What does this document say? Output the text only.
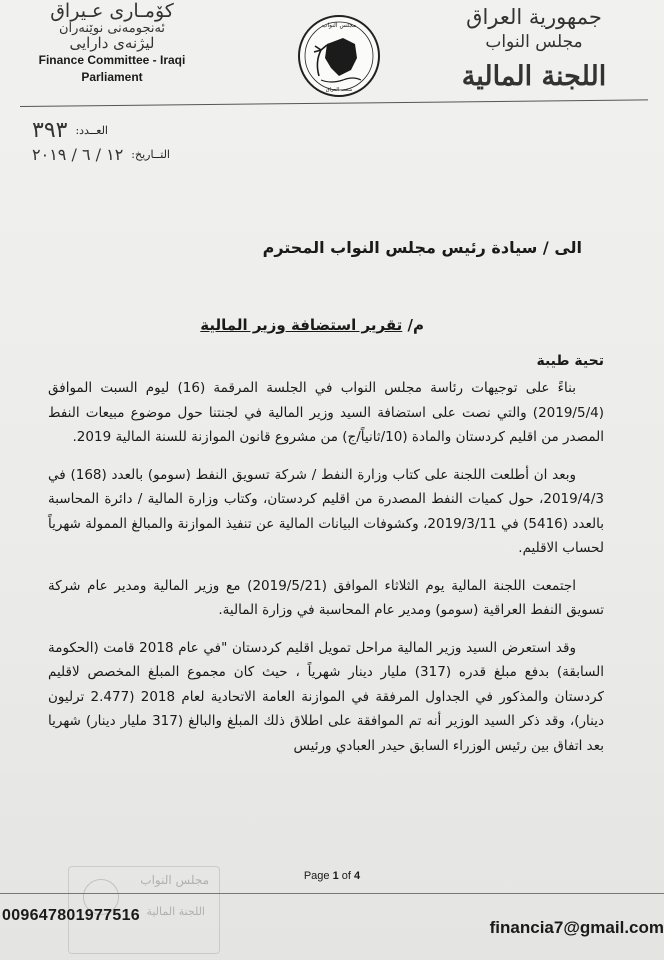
كۆمـاری عـیراق
ئەنجومەنی نوێنەران
لیژنەی دارایی
Finance Committee - Iraqi
Parliament
مجلس النواب
شعب العراق
جمهورية العراق
مجلس النواب
اللجنة المالية
العــدد:
٣٩٣
التــاريخ:
١٢ / ٦ / ٢٠١٩
الى / سيادة رئيس مجلس النواب المحترم
م/ تقرير استضافة وزير المالية
تحية طيبة

بناءً على توجيهات رئاسة مجلس النواب في الجلسة المرقمة (16) ليوم السبت الموافق (2019/5/4) والتي نصت على استضافة السيد وزير المالية في لجنتنا حول موضوع مبيعات النفط المصدر من اقليم كردستان والمادة (10/ثانياً/ج) من مشروع قانون الموازنة للسنة المالية 2019.

وبعد ان أطلعت اللجنة على كتاب وزارة النفط / شركة تسويق النفط (سومو) بالعدد (168) في 2019/4/3، حول كميات النفط المصدرة من اقليم كردستان، وكتاب وزارة المالية / دائرة المحاسبة بالعدد (5416) في 2019/3/11، وكشوفات البيانات المالية عن تنفيذ الموازنة والمبالغ الممولة شهرياً لحساب الاقليم.

اجتمعت اللجنة المالية يوم الثلاثاء الموافق (2019/5/21) مع وزير المالية ومدير عام شركة تسويق النفط العراقية (سومو) ومدير عام المحاسبة في وزارة المالية.

وقد استعرض السيد وزير المالية مراحل تمويل اقليم كردستان "في عام 2018 قامت (الحكومة السابقة) بدفع مبلغ قدره (317) مليار دينار شهرياً ، حيث كان مجموع المبلغ المخصص لاقليم كردستان والمذكور في الجداول المرفقة في الموازنة العامة الاتحادية لعام 2018 (2.477 ترليون دينار)، وقد ذكر السيد الوزير أنه تم الموافقة على اطلاق ذلك المبلغ والبالغ (317 مليار دينار) شهريا بعد اتفاق بين رئيس الوزراء السابق حيدر العبادي ورئيس

مجلس النواب
اللجنة المالية
Page 1 of 4
009647801977516
financia7@gmail.com
